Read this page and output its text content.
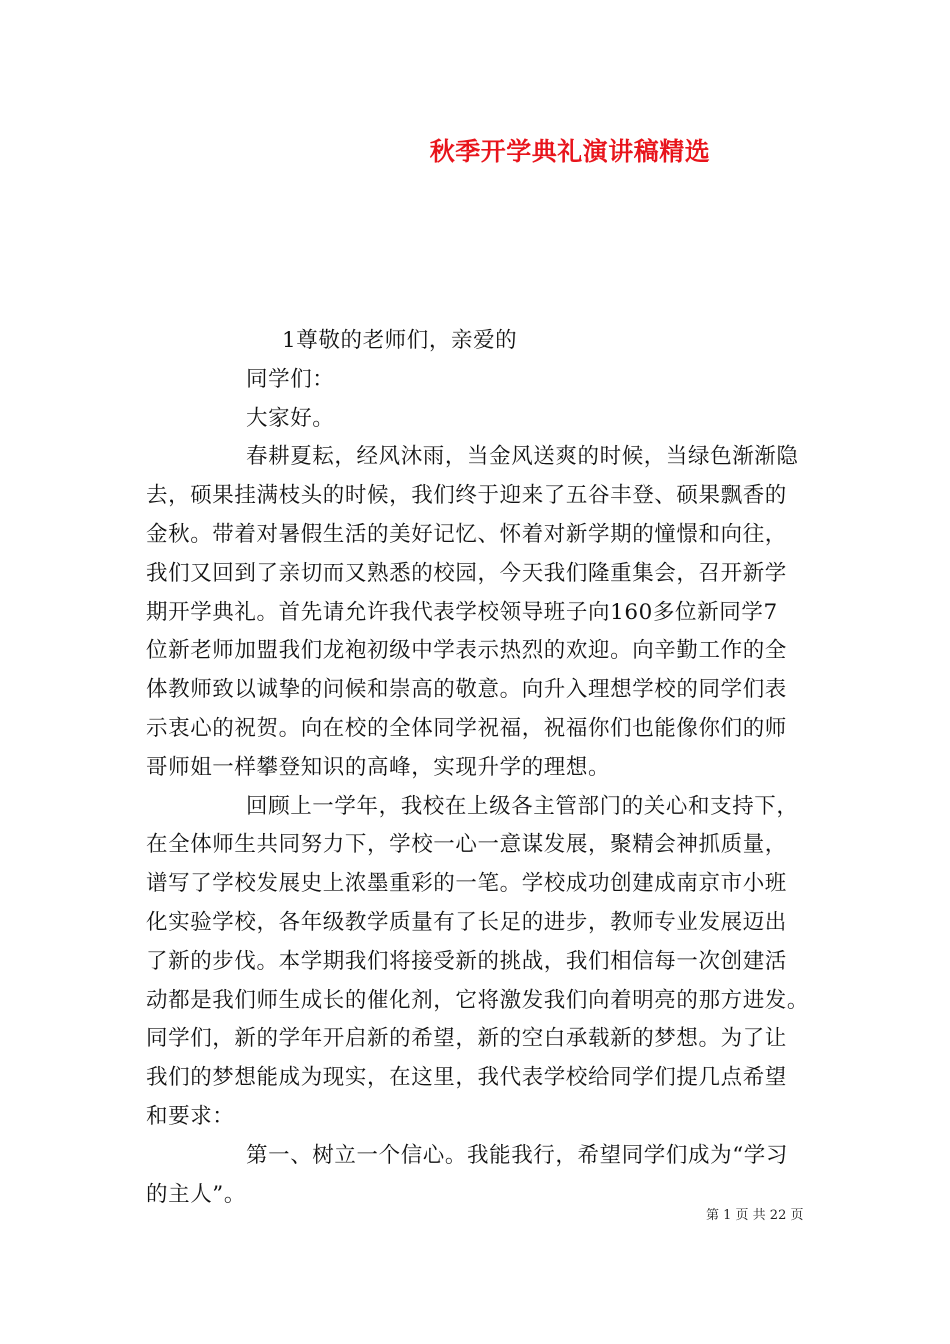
秋季开学典礼演讲稿精选
1尊敬的老师们，亲爱的
同学们：
大家好。
春耕夏耘，经风沐雨，当金风送爽的时候，当绿色渐渐隐
去，硕果挂满枝头的时候，我们终于迎来了五谷丰登、硕果飘香的
金秋。带着对暑假生活的美好记忆、怀着对新学期的憧憬和向往，
我们又回到了亲切而又熟悉的校园，今天我们隆重集会，召开新学
期开学典礼。首先请允许我代表学校领导班子向160多位新同学7
位新老师加盟我们龙袍初级中学表示热烈的欢迎。向辛勤工作的全
体教师致以诚挚的问候和崇高的敬意。向升入理想学校的同学们表
示衷心的祝贺。向在校的全体同学祝福，祝福你们也能像你们的师
哥师姐一样攀登知识的高峰，实现升学的理想。
回顾上一学年，我校在上级各主管部门的关心和支持下，
在全体师生共同努力下，学校一心一意谋发展，聚精会神抓质量，
谱写了学校发展史上浓墨重彩的一笔。学校成功创建成南京市小班
化实验学校，各年级教学质量有了长足的进步，教师专业发展迈出
了新的步伐。本学期我们将接受新的挑战，我们相信每一次创建活
动都是我们师生成长的催化剂，它将激发我们向着明亮的那方进发。
同学们，新的学年开启新的希望，新的空白承载新的梦想。为了让
我们的梦想能成为现实，在这里，我代表学校给同学们提几点希望
和要求：
第一、树立一个信心。我能我行，希望同学们成为“学习
的主人”。
第 1 页 共 22 页
